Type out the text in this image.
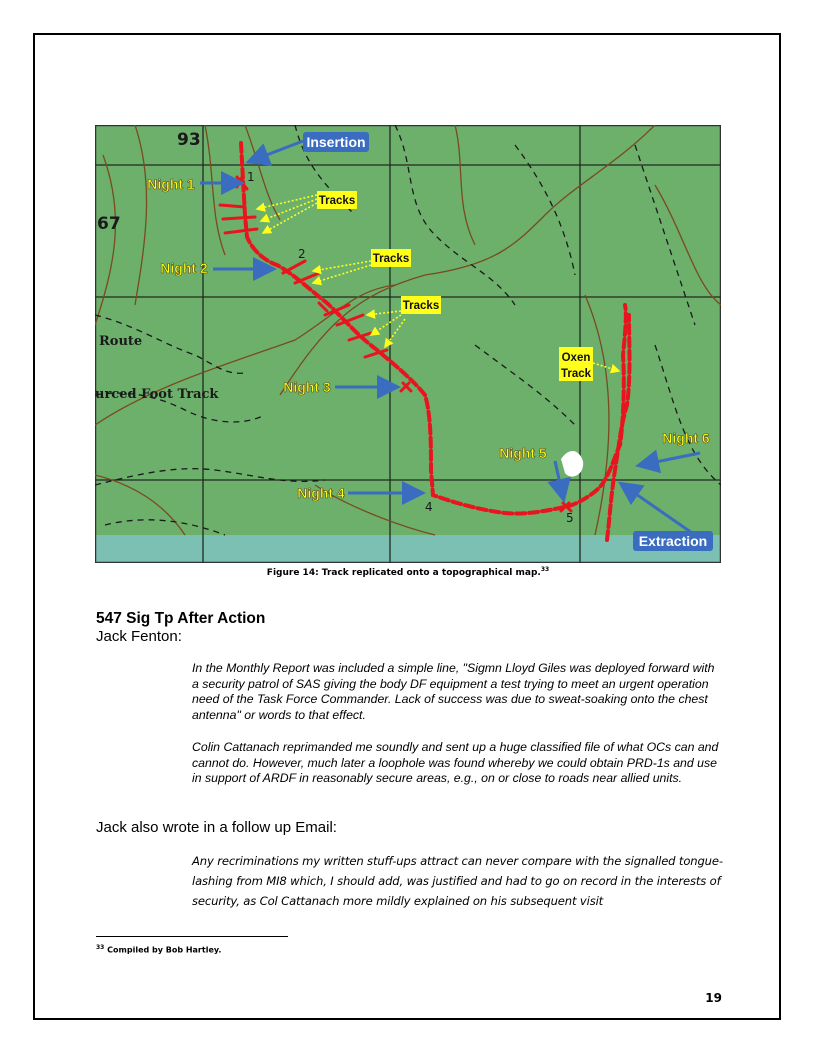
93
67
Route
urced Foot Track
1
2
4
5
Insertion
Night 1
Night 2
Night 3
Night 4
Night 5
Night 6
Extraction
Tracks
Tracks
Tracks
Oxen
Track
Figure 14: Track replicated onto a topographical map.$^{33}$
547 Sig Tp After Action
Jack Fenton:
In the Monthly Report was included a simple line, "Sigmn Lloyd Giles was deployed forward with a security patrol of SAS giving the body DF equipment a test trying to meet an urgent operation need of the Task Force Commander. Lack of success was due to sweat-soaking onto the chest antenna" or words to that effect.
Colin Cattanach reprimanded me soundly and sent up a huge classified file of what OCs can and cannot do. However, much later a loophole was found whereby we could obtain PRD-1s and use in support of ARDF in reasonably secure areas, e.g., on or close to roads near allied units.
Jack also wrote in a follow up Email:
Any recriminations my written stuff-ups attract can never compare with the signalled tongue-lashing from MI8 which, I should add, was justified and had to go on record in the interests of security, as Col Cattanach more mildly explained on his subsequent visit
$^{33}$ Compiled by Bob Hartley.
19
